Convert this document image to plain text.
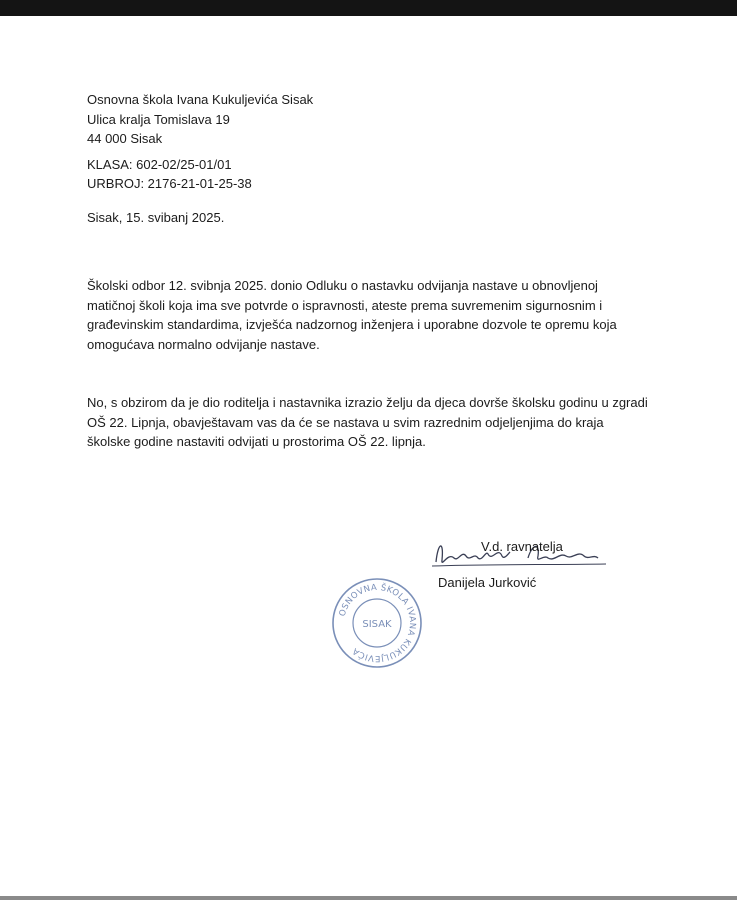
Osnovna škola Ivana Kukuljevića Sisak
Ulica kralja Tomislava 19
44 000 Sisak
KLASA: 602-02/25-01/01
URBROJ: 2176-21-01-25-38
Sisak, 15. svibanj 2025.
Školski odbor 12. svibnja 2025. donio Odluku o nastavku odvijanja nastave u obnovljenoj
matičnoj školi koja ima sve potvrde o ispravnosti, ateste prema suvremenim sigurnosnim i
građevinskim standardima, izvješća nadzornog inženjera i uporabne dozvole te opremu koja
omogućava normalno odvijanje nastave.
No, s obzirom da je dio roditelja i nastavnika izrazio želju da djeca dovrše školsku godinu u zgradi
OŠ 22. Lipnja, obavještavam vas da će se nastava u svim razrednim odjeljenjima do kraja
školske godine nastaviti odvijati u prostorima OŠ 22. lipnja.
V.d. ravnatelja
Danijela Jurković
OSNOVNA ŠKOLA IVANA KUKULJEVIĆA
SISAK
